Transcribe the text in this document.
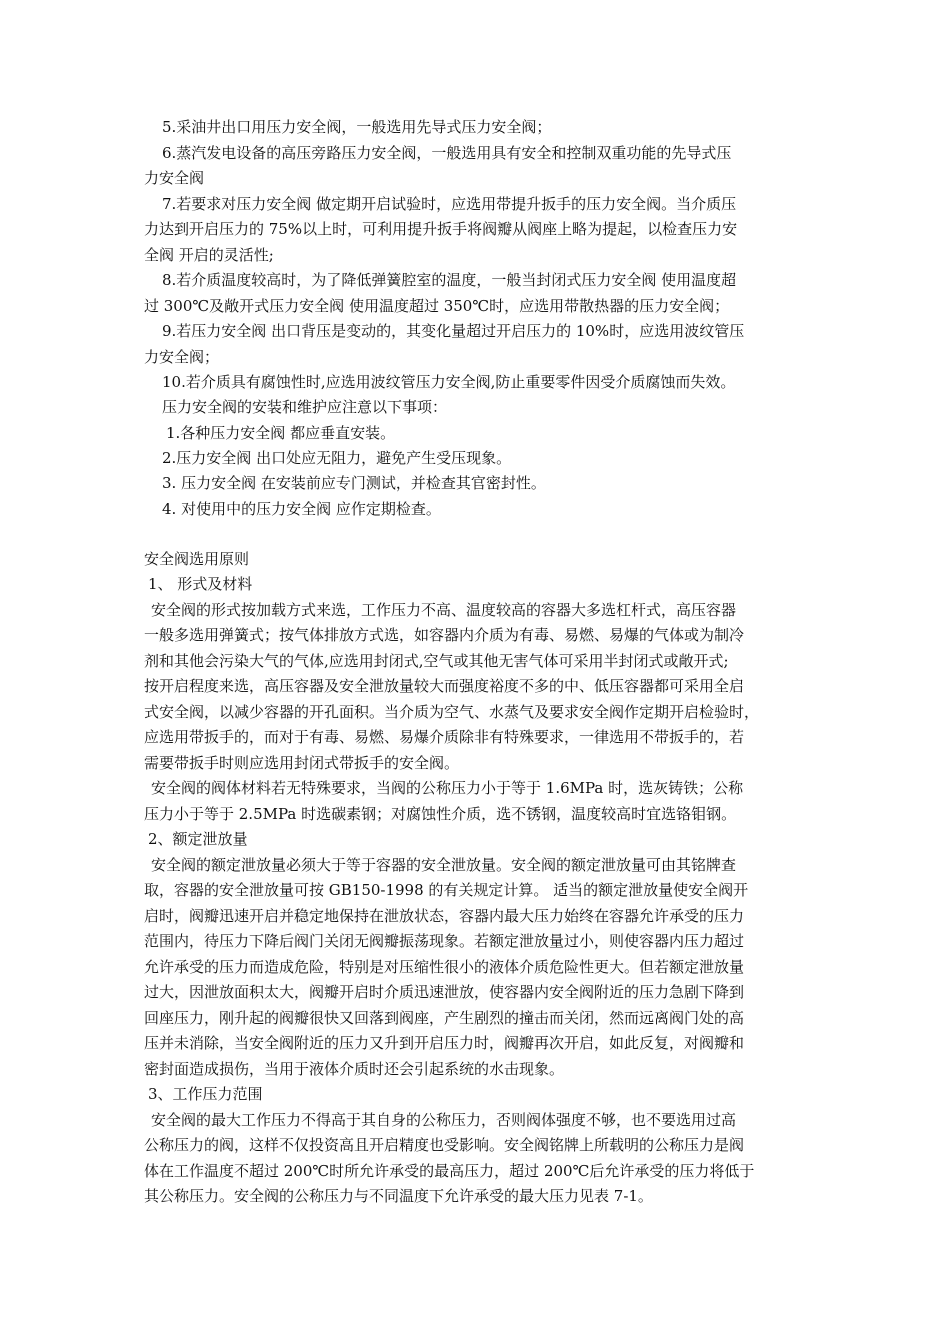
5.采油井出口用压力安全阀，一般选用先导式压力安全阀；
6.蒸汽发电设备的高压旁路压力安全阀，一般选用具有安全和控制双重功能的先导式压
力安全阀
7.若要求对压力安全阀 做定期开启试验时，应选用带提升扳手的压力安全阀。当介质压
力达到开启压力的 75%以上时，可利用提升扳手将阀瓣从阀座上略为提起，以检查压力安
全阀 开启的灵活性;
8.若介质温度较高时，为了降低弹簧腔室的温度，一般当封闭式压力安全阀 使用温度超
过 300℃及敞开式压力安全阀 使用温度超过 350℃时，应选用带散热器的压力安全阀；
9.若压力安全阀 出口背压是变动的，其变化量超过开启压力的 10%时，应选用波纹管压
力安全阀；
10.若介质具有腐蚀性时,应选用波纹管压力安全阀,防止重要零件因受介质腐蚀而失效。
压力安全阀的安装和维护应注意以下事项：
1.各种压力安全阀 都应垂直安装。
2.压力安全阀 出口处应无阻力，避免产生受压现象。
3. 压力安全阀 在安装前应专门测试，并检查其官密封性。
4. 对使用中的压力安全阀 应作定期检查。
安全阀选用原则
1、 形式及材料
安全阀的形式按加载方式来选，工作压力不高、温度较高的容器大多选杠杆式，高压容器
一般多选用弹簧式；按气体排放方式选，如容器内介质为有毒、易燃、易爆的气体或为制冷
剂和其他会污染大气的气体,应选用封闭式,空气或其他无害气体可采用半封闭式或敞开式;
按开启程度来选，高压容器及安全泄放量较大而强度裕度不多的中、低压容器都可采用全启
式安全阀，以减少容器的开孔面积。当介质为空气、水蒸气及要求安全阀作定期开启检验时，
应选用带扳手的，而对于有毒、易燃、易爆介质除非有特殊要求，一律选用不带扳手的，若
需要带扳手时则应选用封闭式带扳手的安全阀。
安全阀的阀体材料若无特殊要求，当阀的公称压力小于等于 1.6MPa 时，选灰铸铁；公称
压力小于等于 2.5MPa 时选碳素钢；对腐蚀性介质，选不锈钢，温度较高时宜选铬钼钢。
2、额定泄放量
安全阀的额定泄放量必须大于等于容器的安全泄放量。安全阀的额定泄放量可由其铭牌查
取，容器的安全泄放量可按 GB150-1998 的有关规定计算。 适当的额定泄放量使安全阀开
启时，阀瓣迅速开启并稳定地保持在泄放状态，容器内最大压力始终在容器允许承受的压力
范围内，待压力下降后阀门关闭无阀瓣振荡现象。若额定泄放量过小，则使容器内压力超过
允许承受的压力而造成危险，特别是对压缩性很小的液体介质危险性更大。但若额定泄放量
过大，因泄放面积太大，阀瓣开启时介质迅速泄放，使容器内安全阀附近的压力急剧下降到
回座压力，刚升起的阀瓣很快又回落到阀座，产生剧烈的撞击而关闭，然而远离阀门处的高
压并未消除，当安全阀附近的压力又升到开启压力时，阀瓣再次开启，如此反复，对阀瓣和
密封面造成损伤，当用于液体介质时还会引起系统的水击现象。
3、工作压力范围
安全阀的最大工作压力不得高于其自身的公称压力，否则阀体强度不够，也不要选用过高
公称压力的阀，这样不仅投资高且开启精度也受影响。安全阀铭牌上所载明的公称压力是阀
体在工作温度不超过 200℃时所允许承受的最高压力，超过 200℃后允许承受的压力将低于
其公称压力。安全阀的公称压力与不同温度下允许承受的最大压力见表 7-1。
